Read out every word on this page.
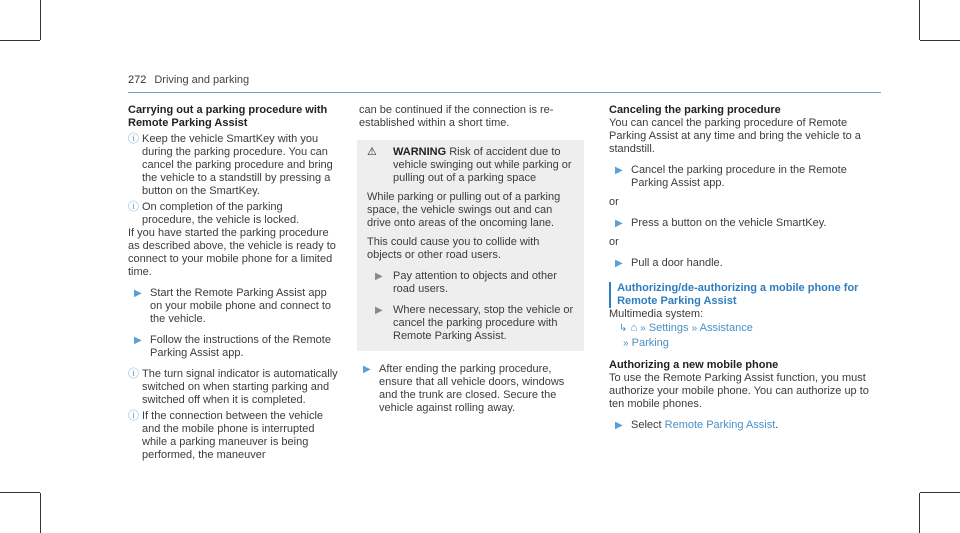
272 Driving and parking

Carrying out a parking procedure with Remote Parking Assist

ⓘ Keep the vehicle SmartKey with you during the parking procedure. You can cancel the parking procedure and bring the vehicle to a standstill by pressing a button on the SmartKey.
ⓘ On completion of the parking procedure, the vehicle is locked.

If you have started the parking procedure as described above, the vehicle is ready to connect to your mobile phone for a limited time.

▶ Start the Remote Parking Assist app on your mobile phone and connect to the vehicle.
▶ Follow the instructions of the Remote Parking Assist app.
ⓘ The turn signal indicator is automatically switched on when starting parking and switched off when it is completed.
ⓘ If the connection between the vehicle and the mobile phone is interrupted while a parking maneuver is being performed, the maneuver

can be continued if the connection is re-established within a short time.

⚠	WARNING Risk of accident due to vehicle swinging out while parking or pulling out of a parking space

While parking or pulling out of a parking space, the vehicle swings out and can drive onto areas of the oncoming lane.

This could cause you to collide with objects or other road users.

▶ Pay attention to objects and other road users.
▶ Where necessary, stop the vehicle or cancel the parking procedure with Remote Parking Assist.
▶ After ending the parking procedure, ensure that all vehicle doors, windows and the trunk are closed. Secure the vehicle against rolling away.

Canceling the parking procedure

You can cancel the parking procedure of Remote Parking Assist at any time and bring the vehicle to a standstill.

▶ Cancel the parking procedure in the Remote Parking Assist app.
or
▶ Press a button on the vehicle SmartKey.
or
▶ Pull a door handle.
Authorizing/de-authorizing a mobile phone for Remote Parking Assist

Multimedia system:

↳ ⌂ » Settings » Assistance
» Parking

Authorizing a new mobile phone

To use the Remote Parking Assist function, you must authorize your mobile phone. You can authorize up to ten mobile phones.

▶ Select Remote Parking Assist.
